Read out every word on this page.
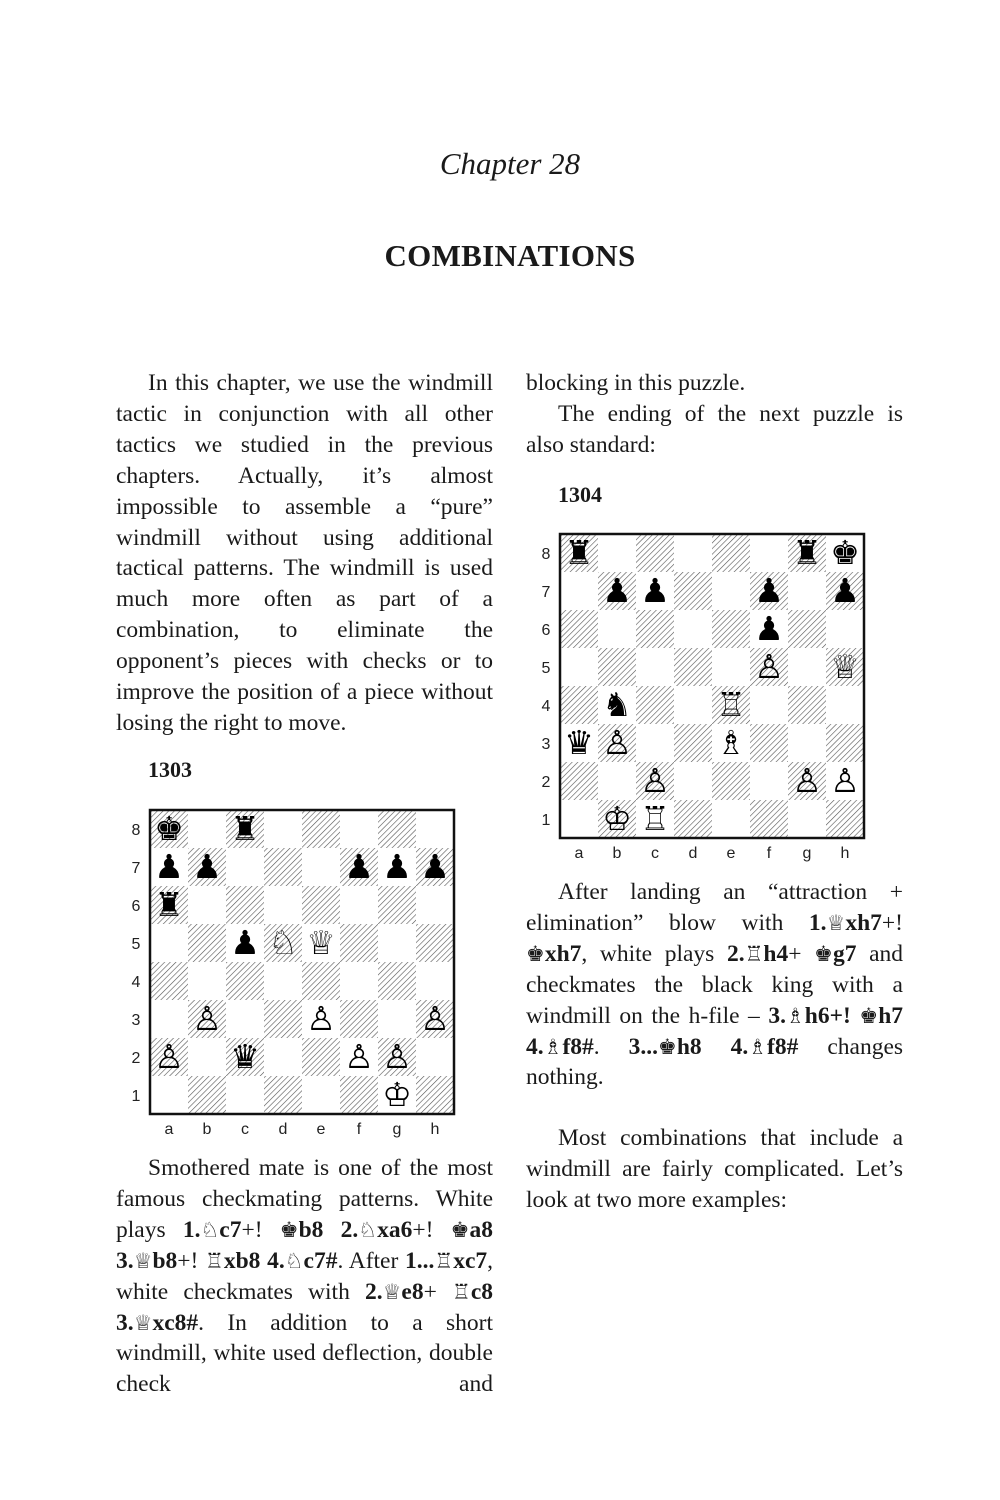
Chapter 28
COMBINATIONS

In this chapter, we use the windmill tactic in conjunction with all other tactics we studied in the previous chapters. Actually, it’s almost impossible to assemble a “pure” windmill without using additional tactical patterns. The windmill is used much more often as part of a combination, to eliminate the opponent’s pieces with checks or to improve the position of a piece without losing the right to move.

1303
1
2
3
4
5
6
7
8
a b c d e f g h
♚ ♜
♟ ♟	♟ ♟ ♟
♜
♟ ♘ ♕
♙	♙	♙
♙ ♛	♙ ♙
♔

Smothered mate is one of the most famous checkmating patterns. White plays 1.♘c7+! ♚b8 2.♘xa6+! ♚a8 3.♕b8+! ♖xb8 4.♘c7#. After 1...♖xc7, white checkmates with 2.♕e8+ ♖c8 3.♕xc8#. In addition to a short windmill, white used deflection, double check and

blocking in this puzzle.

The ending of the next puzzle is also standard:

1304
1
2
3
4
5
6
7
8
a b c d e f g h
♜	♜ ♚
♟ ♟	♟ ♟
♟
♙ ♕
♞	♖
♛ ♙	♗
♙	♙ ♙
♔ ♖

After landing an “attraction + elimination” blow with 1.♕xh7+! ♚xh7, white plays 2.♖h4+ ♚g7 and checkmates the black king with a windmill on the h-file – 3.♗h6+! ♚h7 4.♗f8#. 3...♚h8 4.♗f8# changes nothing.

Most combinations that include a windmill are fairly complicated. Let’s look at two more examples:
